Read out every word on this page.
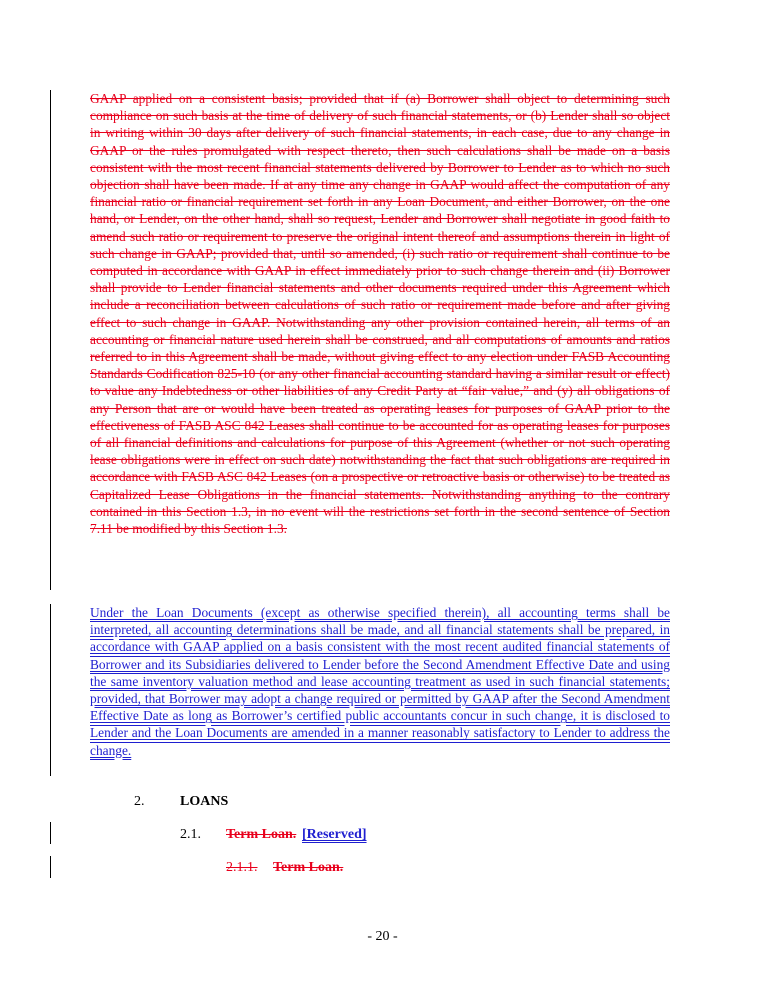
GAAP applied on a consistent basis; provided that if (a) Borrower shall object to determining such compliance on such basis at the time of delivery of such financial statements, or (b) Lender shall so object in writing within 30 days after delivery of such financial statements, in each case, due to any change in GAAP or the rules promulgated with respect thereto, then such calculations shall be made on a basis consistent with the most recent financial statements delivered by Borrower to Lender as to which no such objection shall have been made. If at any time any change in GAAP would affect the computation of any financial ratio or financial requirement set forth in any Loan Document, and either Borrower, on the one hand, or Lender, on the other hand, shall so request, Lender and Borrower shall negotiate in good faith to amend such ratio or requirement to preserve the original intent thereof and assumptions therein in light of such change in GAAP; provided that, until so amended, (i) such ratio or requirement shall continue to be computed in accordance with GAAP in effect immediately prior to such change therein and (ii) Borrower shall provide to Lender financial statements and other documents required under this Agreement which include a reconciliation between calculations of such ratio or requirement made before and after giving effect to such change in GAAP. Notwithstanding any other provision contained herein, all terms of an accounting or financial nature used herein shall be construed, and all computations of amounts and ratios referred to in this Agreement shall be made, without giving effect to any election under FASB Accounting Standards Codification 825-10 (or any other financial accounting standard having a similar result or effect) to value any Indebtedness or other liabilities of any Credit Party at “fair value,” and (y) all obligations of any Person that are or would have been treated as operating leases for purposes of GAAP prior to the effectiveness of FASB ASC 842 Leases shall continue to be accounted for as operating leases for purposes of all financial definitions and calculations for purpose of this Agreement (whether or not such operating lease obligations were in effect on such date) notwithstanding the fact that such obligations are required in accordance with FASB ASC 842 Leases (on a prospective or retroactive basis or otherwise) to be treated as Capitalized Lease Obligations in the financial statements. Notwithstanding anything to the contrary contained in this Section 1.3, in no event will the restrictions set forth in the second sentence of Section 7.11 be modified by this Section 1.3.
Under the Loan Documents (except as otherwise specified therein), all accounting terms shall be interpreted, all accounting determinations shall be made, and all financial statements shall be prepared, in accordance with GAAP applied on a basis consistent with the most recent audited financial statements of Borrower and its Subsidiaries delivered to Lender before the Second Amendment Effective Date and using the same inventory valuation method and lease accounting treatment as used in such financial statements; provided, that Borrower may adopt a change required or permitted by GAAP after the Second Amendment Effective Date as long as Borrower’s certified public accountants concur in such change, it is disclosed to Lender and the Loan Documents are amended in a manner reasonably satisfactory to Lender to address the change.
2.	LOANS
2.1. Term Loan. [Reserved]
2.1.1. Term Loan.
- 20 -
